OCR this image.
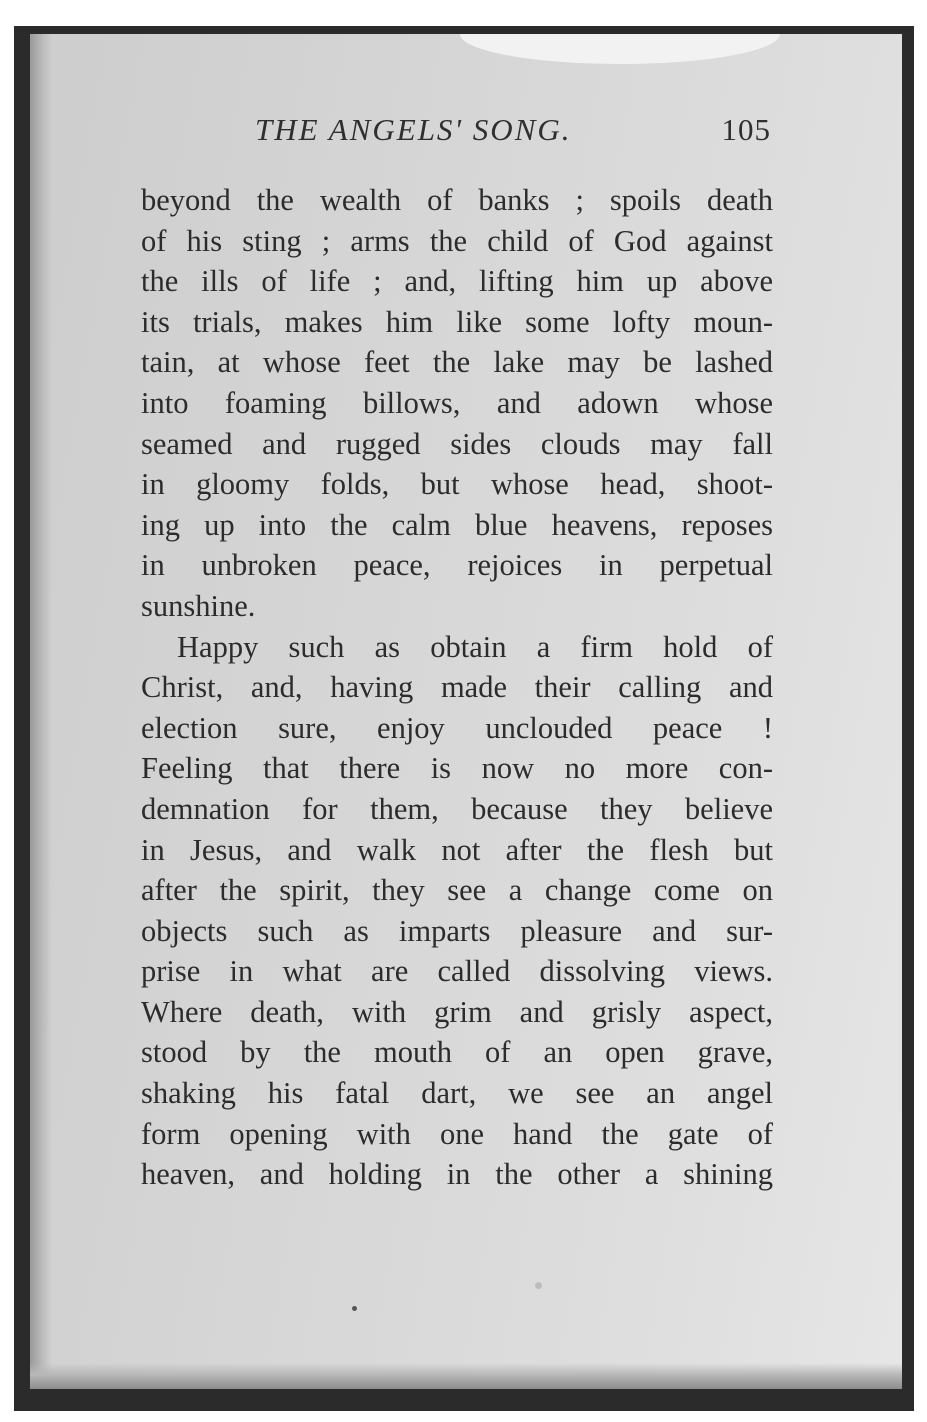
THE ANGELS' SONG.	105
beyond the wealth of banks ; spoils death
of his sting ; arms the child of God against
the ills of life ; and, lifting him up above
its trials, makes him like some lofty moun-
tain, at whose feet the lake may be lashed
into foaming billows, and adown whose
seamed and rugged sides clouds may fall
in gloomy folds, but whose head, shoot-
ing up into the calm blue heavens, reposes
in unbroken peace, rejoices in perpetual
sunshine.
Happy such as obtain a firm hold of
Christ, and, having made their calling and
election sure, enjoy unclouded peace !
Feeling that there is now no more con-
demnation for them, because they believe
in Jesus, and walk not after the flesh but
after the spirit, they see a change come on
objects such as imparts pleasure and sur-
prise in what are called dissolving views.
Where death, with grim and grisly aspect,
stood by the mouth of an open grave,
shaking his fatal dart, we see an angel
form opening with one hand the gate of
heaven, and holding in the other a shining
